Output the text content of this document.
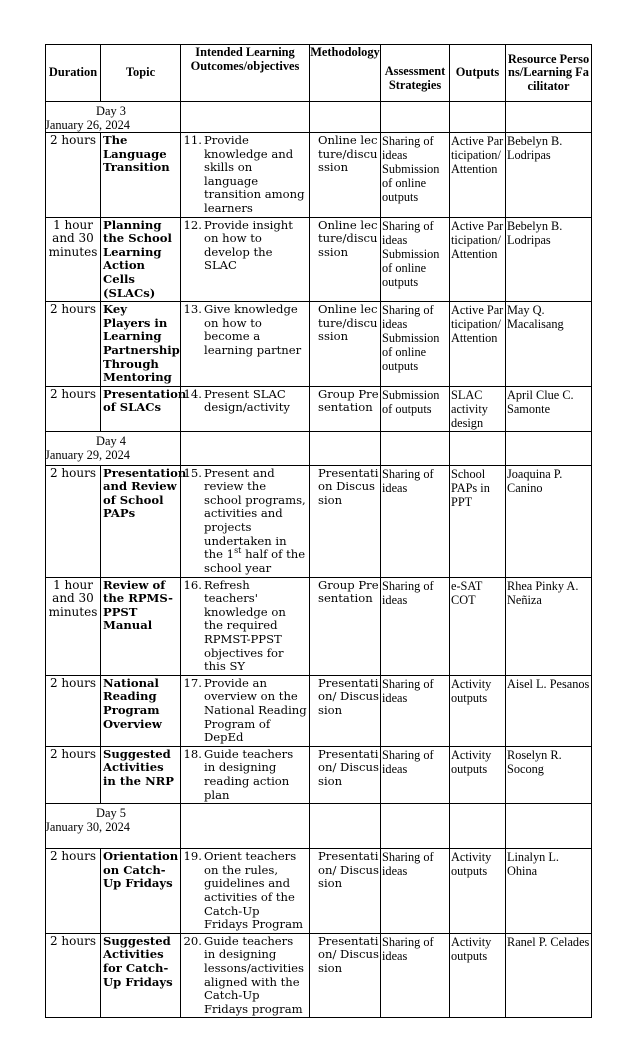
Duration	Topic	Intended Learning Outcomes/objectives	Methodology	Assessment Strategies	Outputs	Resource Persons/Learning Facilitator

Day 3
January 26, 2024						

2 hours	The Language Transition	11. Provide knowledge and skills on language transition among learners	Online lecture/discussion	Sharing of ideas Submission of online outputs	Active Participation/ Attention	Bebelyn B. Lodripas
1 hour and 30 minutes	Planning the School Learning Action Cells (SLACs)	12. Provide insight on how to develop the SLAC	Online lecture/discussion	Sharing of ideas Submission of online outputs	Active Participation/ Attention	Bebelyn B. Lodripas
2 hours	Key Players in Learning Partnership Through Mentoring	13. Give knowledge on how to become a learning partner	Online lecture/discussion	Sharing of ideas Submission of online outputs	Active Participation/ Attention	May Q. Macalisang
2 hours	Presentation of SLACs	14. Present SLAC design/activity	Group Presentation	Submission of outputs	SLAC activity design	April Clue C. Samonte

Day 4
January 29, 2024						

2 hours	Presentation and Review of School PAPs	15. Present and review the school programs, activities and projects undertaken in the 1st half of the school year	Presentation Discussion	Sharing of ideas	School PAPs in PPT	Joaquina P. Canino
1 hour and 30 minutes	Review of the RPMS-PPST Manual	16. Refresh teachers' knowledge on the required RPMST-PPST objectives for this SY	Group Presentation	Sharing of ideas	e-SAT COT	Rhea Pinky A. Neñiza
2 hours	National Reading Program Overview	17. Provide an overview on the National Reading Program of DepEd	Presentation/ Discussion	Sharing of ideas	Activity outputs	Aisel L. Pesanos
2 hours	Suggested Activities in the NRP	18. Guide teachers in designing reading action plan	Presentation/ Discussion	Sharing of ideas	Activity outputs	Roselyn R. Socong

Day 5
January 30, 2024						

2 hours	Orientation on Catch-Up Fridays	19. Orient teachers on the rules, guidelines and activities of the Catch-Up Fridays Program	Presentation/ Discussion	Sharing of ideas	Activity outputs	Linalyn L. Ohina
2 hours	Suggested Activities for Catch-Up Fridays	20. Guide teachers in designing lessons/activities aligned with the Catch-Up Fridays program	Presentation/ Discussion	Sharing of ideas	Activity outputs	Ranel P. Celades
